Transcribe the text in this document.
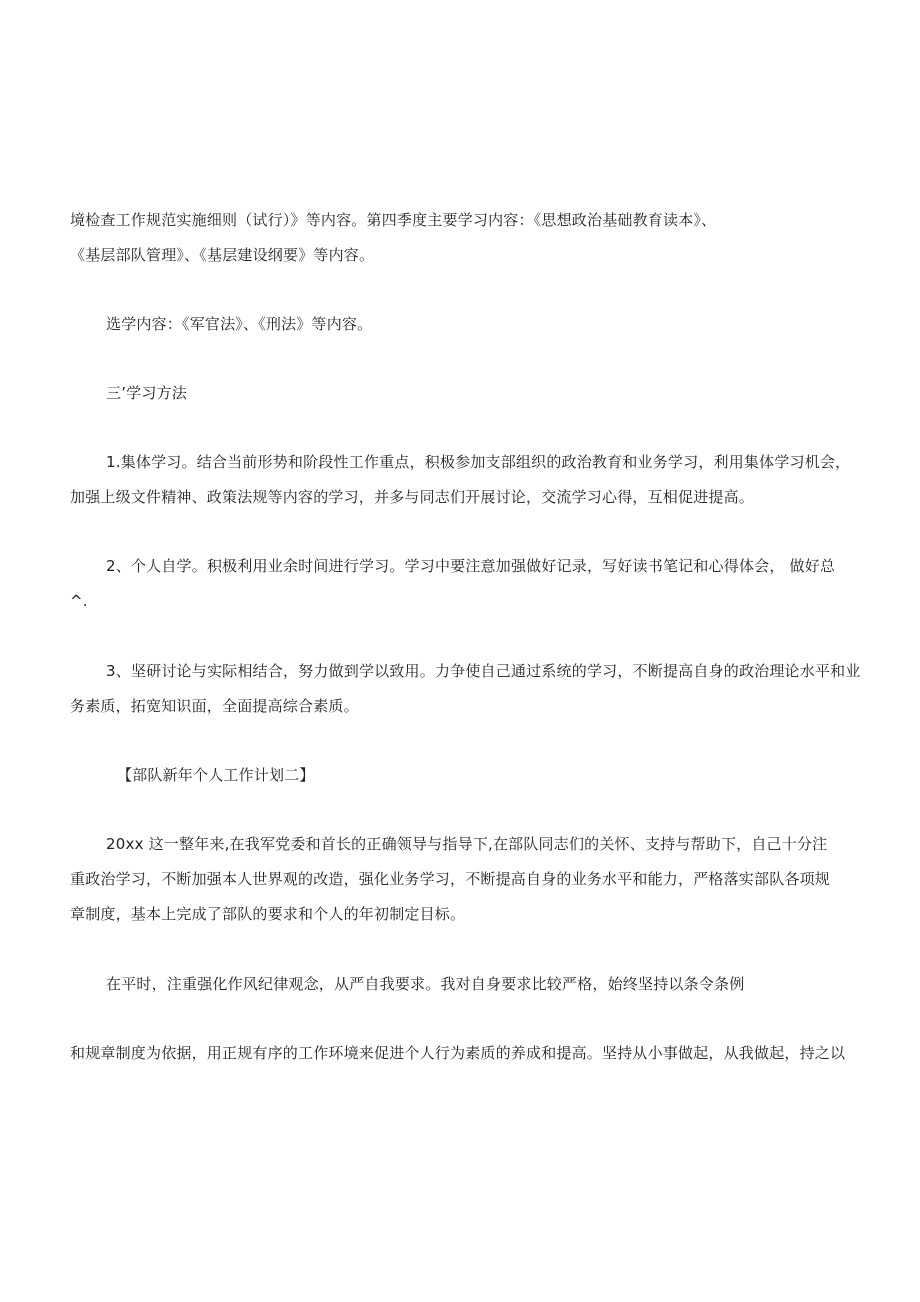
境检查工作规范实施细则（试行）》等内容。第四季度主要学习内容：《思想政治基础教育读本》、
《基层部队管理》、《基层建设纲要》等内容。
选学内容：《军官法》、《刑法》等内容。
三’学习方法
1.集体学习。结合当前形势和阶段性工作重点，积极参加支部组织的政治教育和业务学习，利用集体学习机会，
加强上级文件精神、政策法规等内容的学习，并多与同志们开展讨论，交流学习心得，互相促进提高。
2、个人自学。积极利用业余时间进行学习。学习中要注意加强做好记录，写好读书笔记和心得体会， 做好总
^.
3、坚研讨论与实际相结合，努力做到学以致用。力争使自己通过系统的学习，不断提高自身的政治理论水平和业
务素质，拓宽知识面，全面提高综合素质。
【部队新年个人工作计划二】
20xx 这一整年来,在我军党委和首长的正确领导与指导下,在部队同志们的关怀、支持与帮助下，自己十分注
重政治学习，不断加强本人世界观的改造，强化业务学习，不断提高自身的业务水平和能力，严格落实部队各项规
章制度，基本上完成了部队的要求和个人的年初制定目标。
在平时，注重强化作风纪律观念，从严自我要求。我对自身要求比较严格，始终坚持以条令条例
和规章制度为依据，用正规有序的工作环境来促进个人行为素质的养成和提高。坚持从小事做起，从我做起，持之以
